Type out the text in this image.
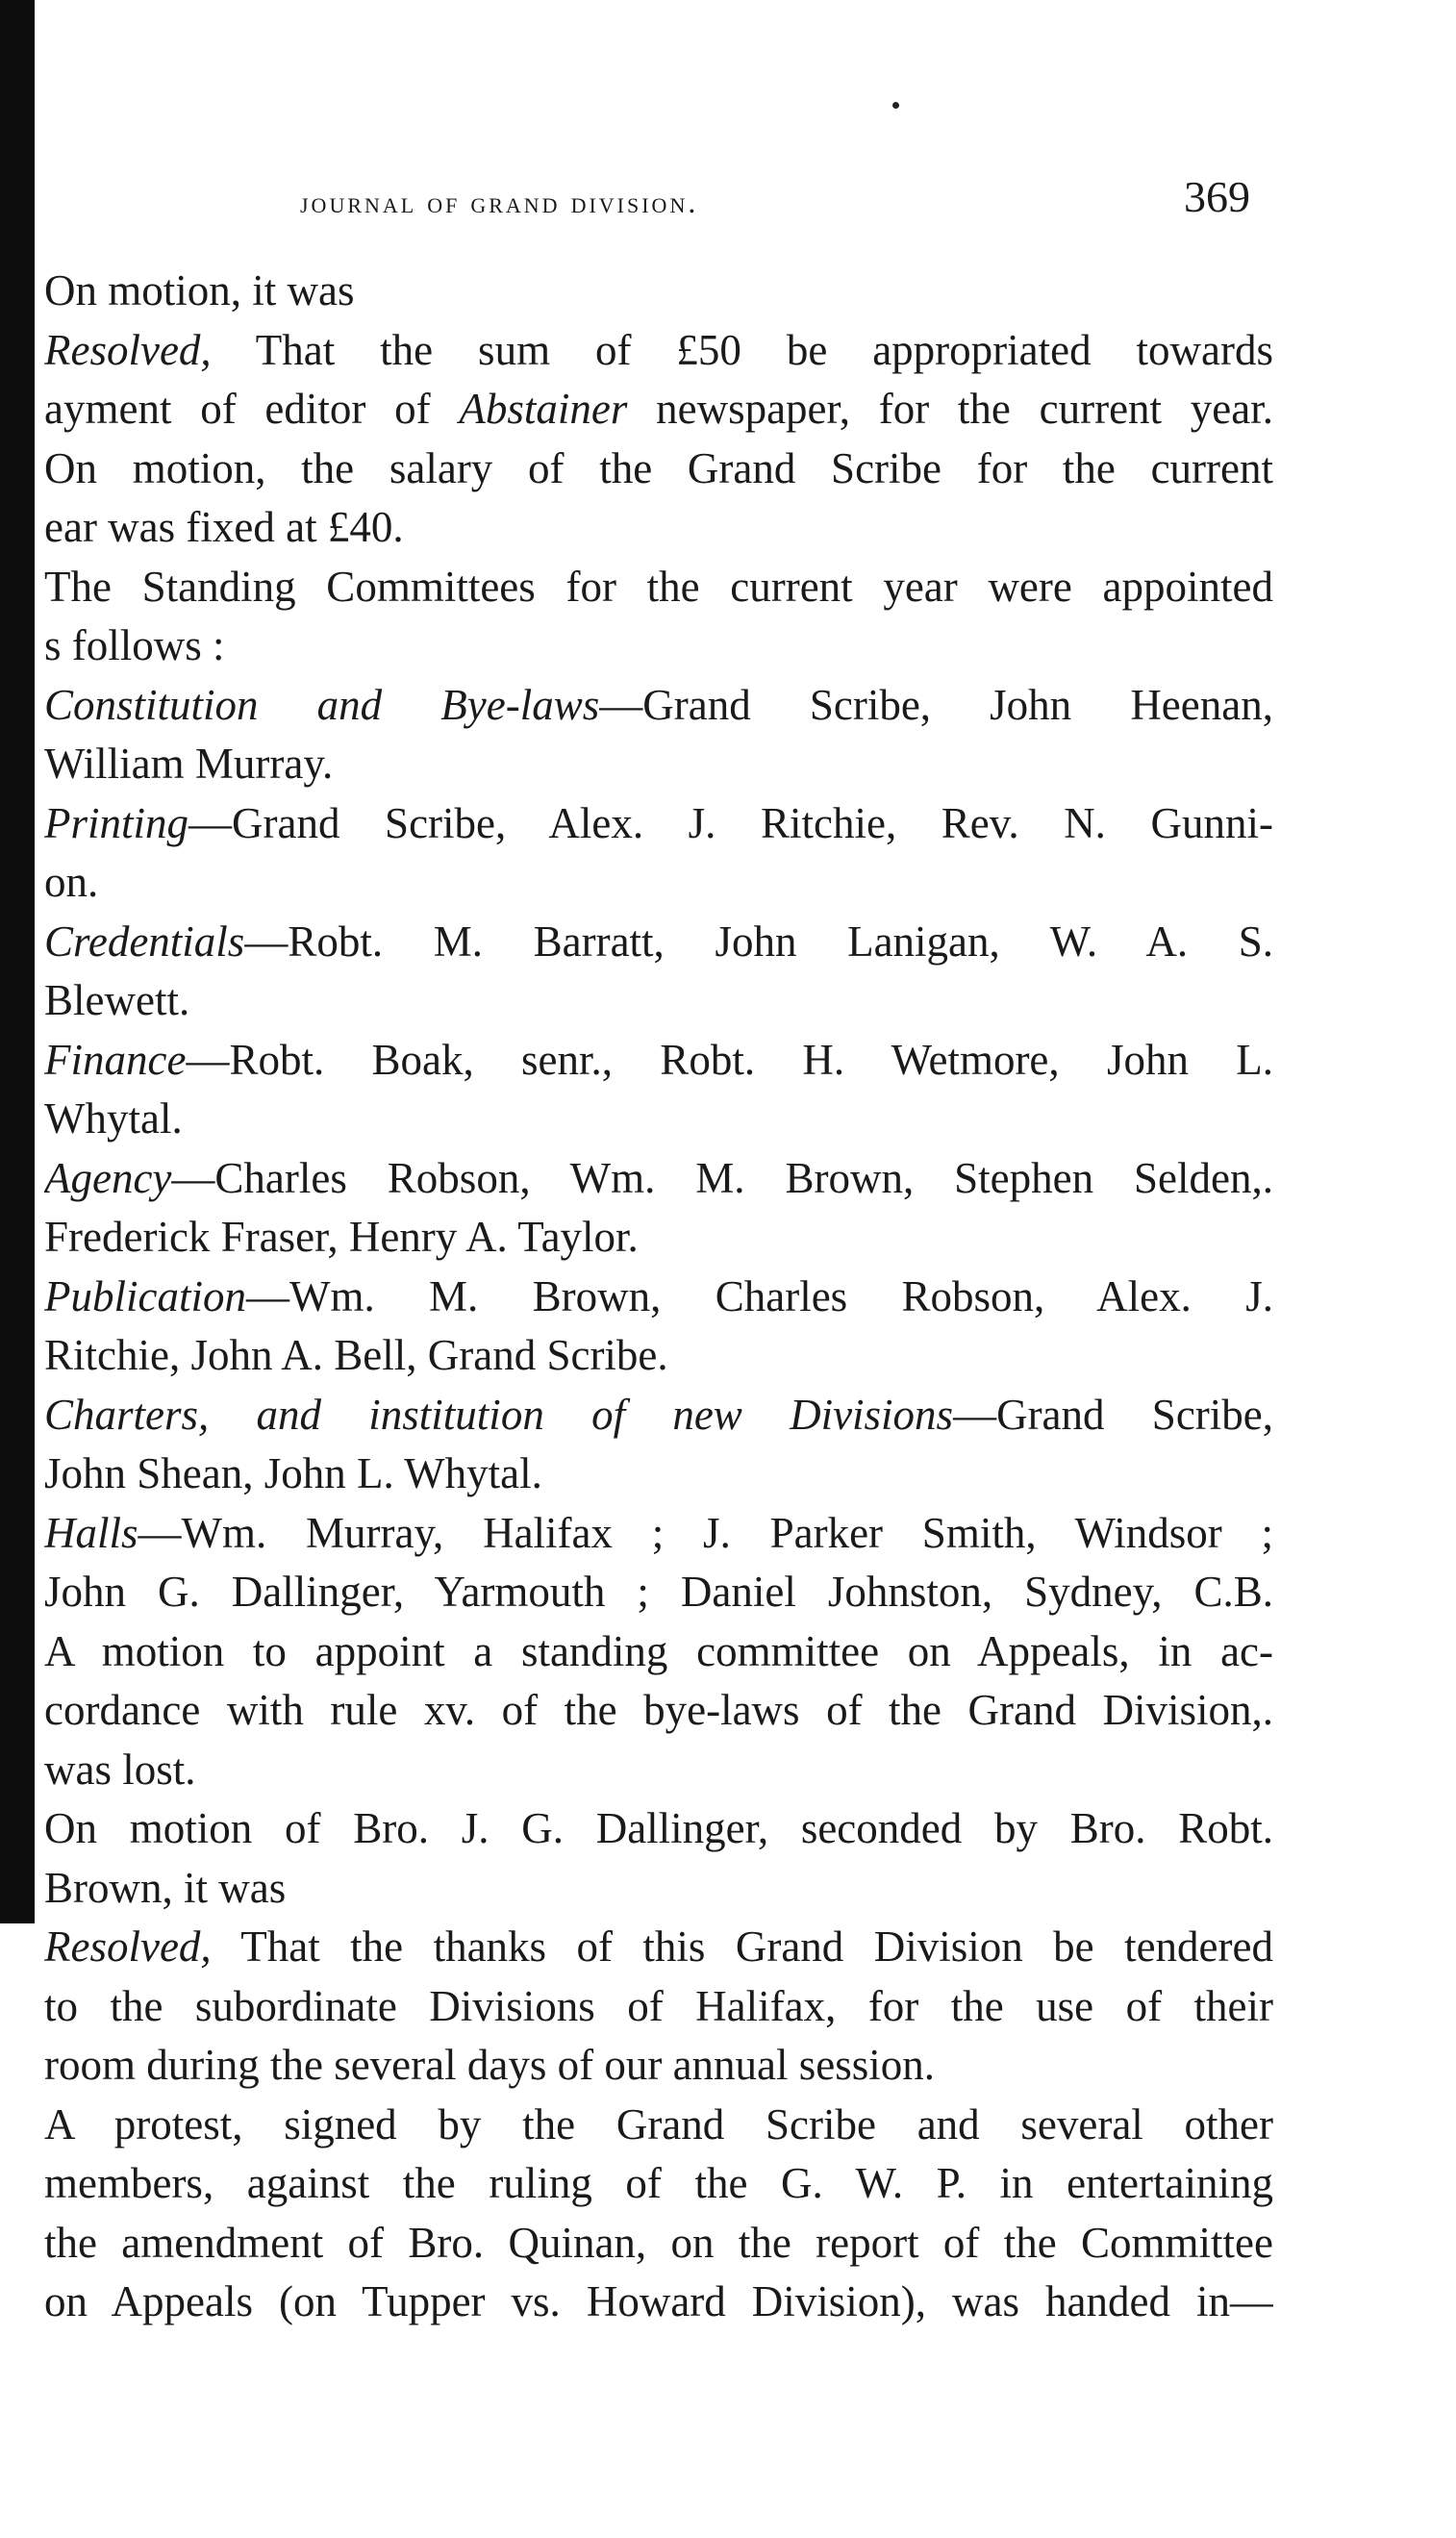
journal of grand division.	369
On motion, it was
Resolved, That the sum of £50 be appropriated towards
ayment of editor of Abstainer newspaper, for the current year.
On motion, the salary of the Grand Scribe for the current
ear was fixed at £40.
The Standing Committees for the current year were appointed
s follows :
Constitution and Bye-laws—Grand Scribe, John Heenan,
William Murray.
Printing—Grand Scribe, Alex. J. Ritchie, Rev. N. Gunni-
on.
Credentials—Robt. M. Barratt, John Lanigan, W. A. S.
Blewett.
Finance—Robt. Boak, senr., Robt. H. Wetmore, John L.
Whytal.
Agency—Charles Robson, Wm. M. Brown, Stephen Selden,.
Frederick Fraser, Henry A. Taylor.
Publication—Wm. M. Brown, Charles Robson, Alex. J.
Ritchie, John A. Bell, Grand Scribe.
Charters, and institution of new Divisions—Grand Scribe,
John Shean, John L. Whytal.
Halls—Wm. Murray, Halifax ; J. Parker Smith, Windsor ;
John G. Dallinger, Yarmouth ; Daniel Johnston, Sydney, C.B.
A motion to appoint a standing committee on Appeals, in ac-
cordance with rule xv. of the bye-laws of the Grand Division,.
was lost.
On motion of Bro. J. G. Dallinger, seconded by Bro. Robt.
Brown, it was
Resolved, That the thanks of this Grand Division be tendered
to the subordinate Divisions of Halifax, for the use of their
room during the several days of our annual session.
A protest, signed by the Grand Scribe and several other
members, against the ruling of the G. W. P. in entertaining
the amendment of Bro. Quinan, on the report of the Committee
on Appeals (on Tupper vs. Howard Division), was handed in—
